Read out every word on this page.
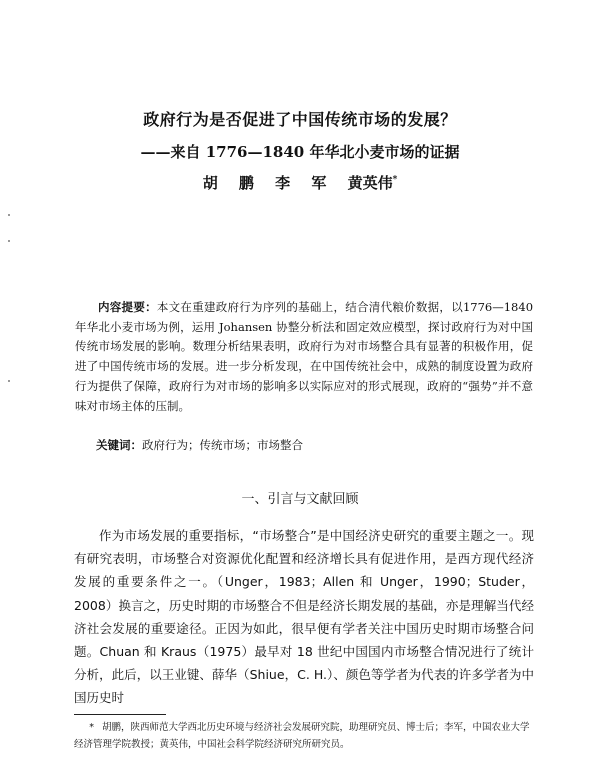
政府行为是否促进了中国传统市场的发展？
——来自 1776—1840 年华北小麦市场的证据
胡 鹏 李 军 黄英伟*
内容提要：本文在重建政府行为序列的基础上，结合清代粮价数据，以1776—1840 年华北小麦市场为例，运用 Johansen 协整分析法和固定效应模型，探讨政府行为对中国传统市场发展的影响。数理分析结果表明，政府行为对市场整合具有显著的积极作用，促进了中国传统市场的发展。进一步分析发现，在中国传统社会中，成熟的制度设置为政府行为提供了保障，政府行为对市场的影响多以实际应对的形式展现，政府的“强势”并不意味对市场主体的压制。
关键词：政府行为；传统市场；市场整合
一、引言与文献回顾
作为市场发展的重要指标，“市场整合”是中国经济史研究的重要主题之一。现有研究表明，市场整合对资源优化配置和经济增长具有促进作用，是西方现代经济发展的重要条件之一。（Unger，1983；Allen 和 Unger，1990；Studer，2008）换言之，历史时期的市场整合不但是经济长期发展的基础，亦是理解当代经济社会发展的重要途径。正因为如此，很早便有学者关注中国历史时期市场整合问题。Chuan 和 Kraus（1975）最早对 18 世纪中国国内市场整合情况进行了统计分析，此后，以王业键、薛华（Shiue，C. H.）、颜色等学者为代表的许多学者为中国历史时
* 胡鹏，陕西师范大学西北历史环境与经济社会发展研究院，助理研究员、博士后；李军，中国农业大学经济管理学院教授；黄英伟，中国社会科学院经济研究所研究员。
